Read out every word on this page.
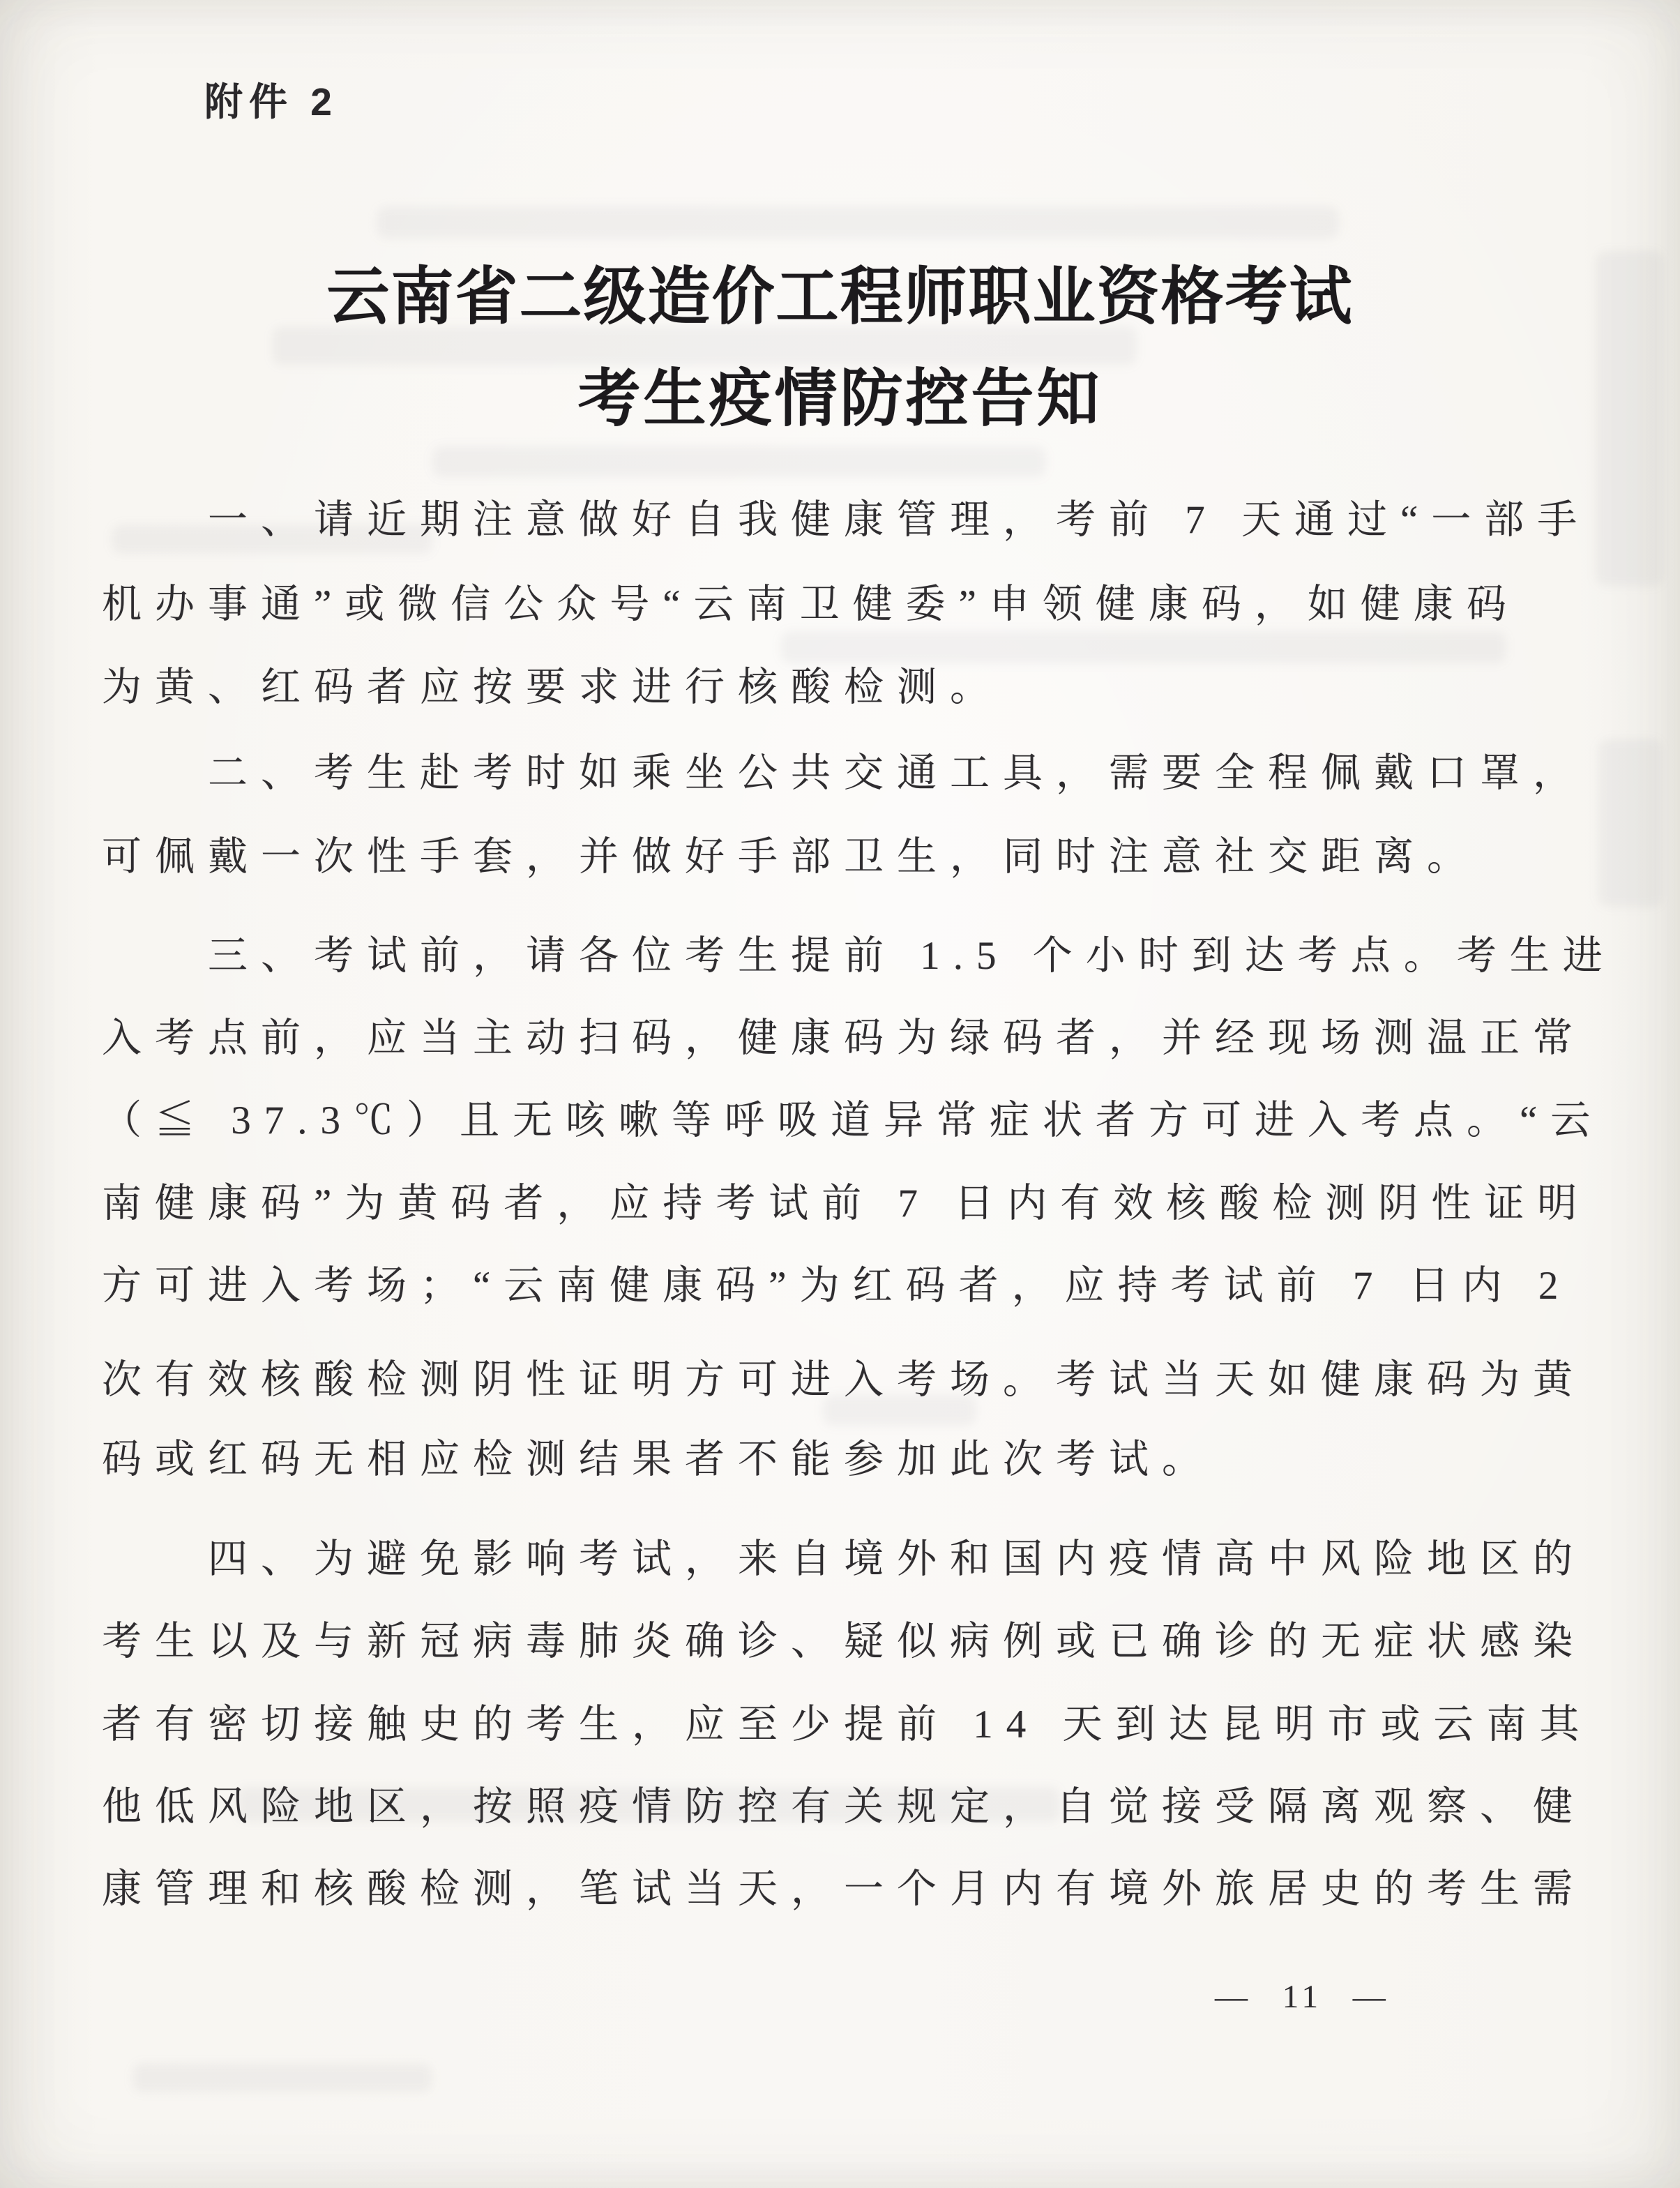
附件 2
云南省二级造价工程师职业资格考试
考生疫情防控告知
一、请近期注意做好自我健康管理，考前 7 天通过“一部手
机办事通”或微信公众号“云南卫健委”申领健康码，如健康码
为黄、红码者应按要求进行核酸检测。
二、考生赴考时如乘坐公共交通工具，需要全程佩戴口罩，
可佩戴一次性手套，并做好手部卫生，同时注意社交距离。
三、考试前，请各位考生提前 1.5 个小时到达考点。考生进
入考点前，应当主动扫码，健康码为绿码者，并经现场测温正常
（≦ 37.3℃）且无咳嗽等呼吸道异常症状者方可进入考点。“云
南健康码”为黄码者，应持考试前 7 日内有效核酸检测阴性证明
方可进入考场；“云南健康码”为红码者，应持考试前 7 日内 2
次有效核酸检测阴性证明方可进入考场。考试当天如健康码为黄
码或红码无相应检测结果者不能参加此次考试。
四、为避免影响考试，来自境外和国内疫情高中风险地区的
考生以及与新冠病毒肺炎确诊、疑似病例或已确诊的无症状感染
者有密切接触史的考生，应至少提前 14 天到达昆明市或云南其
他低风险地区，按照疫情防控有关规定，自觉接受隔离观察、健
康管理和核酸检测，笔试当天，一个月内有境外旅居史的考生需
— 11 —
